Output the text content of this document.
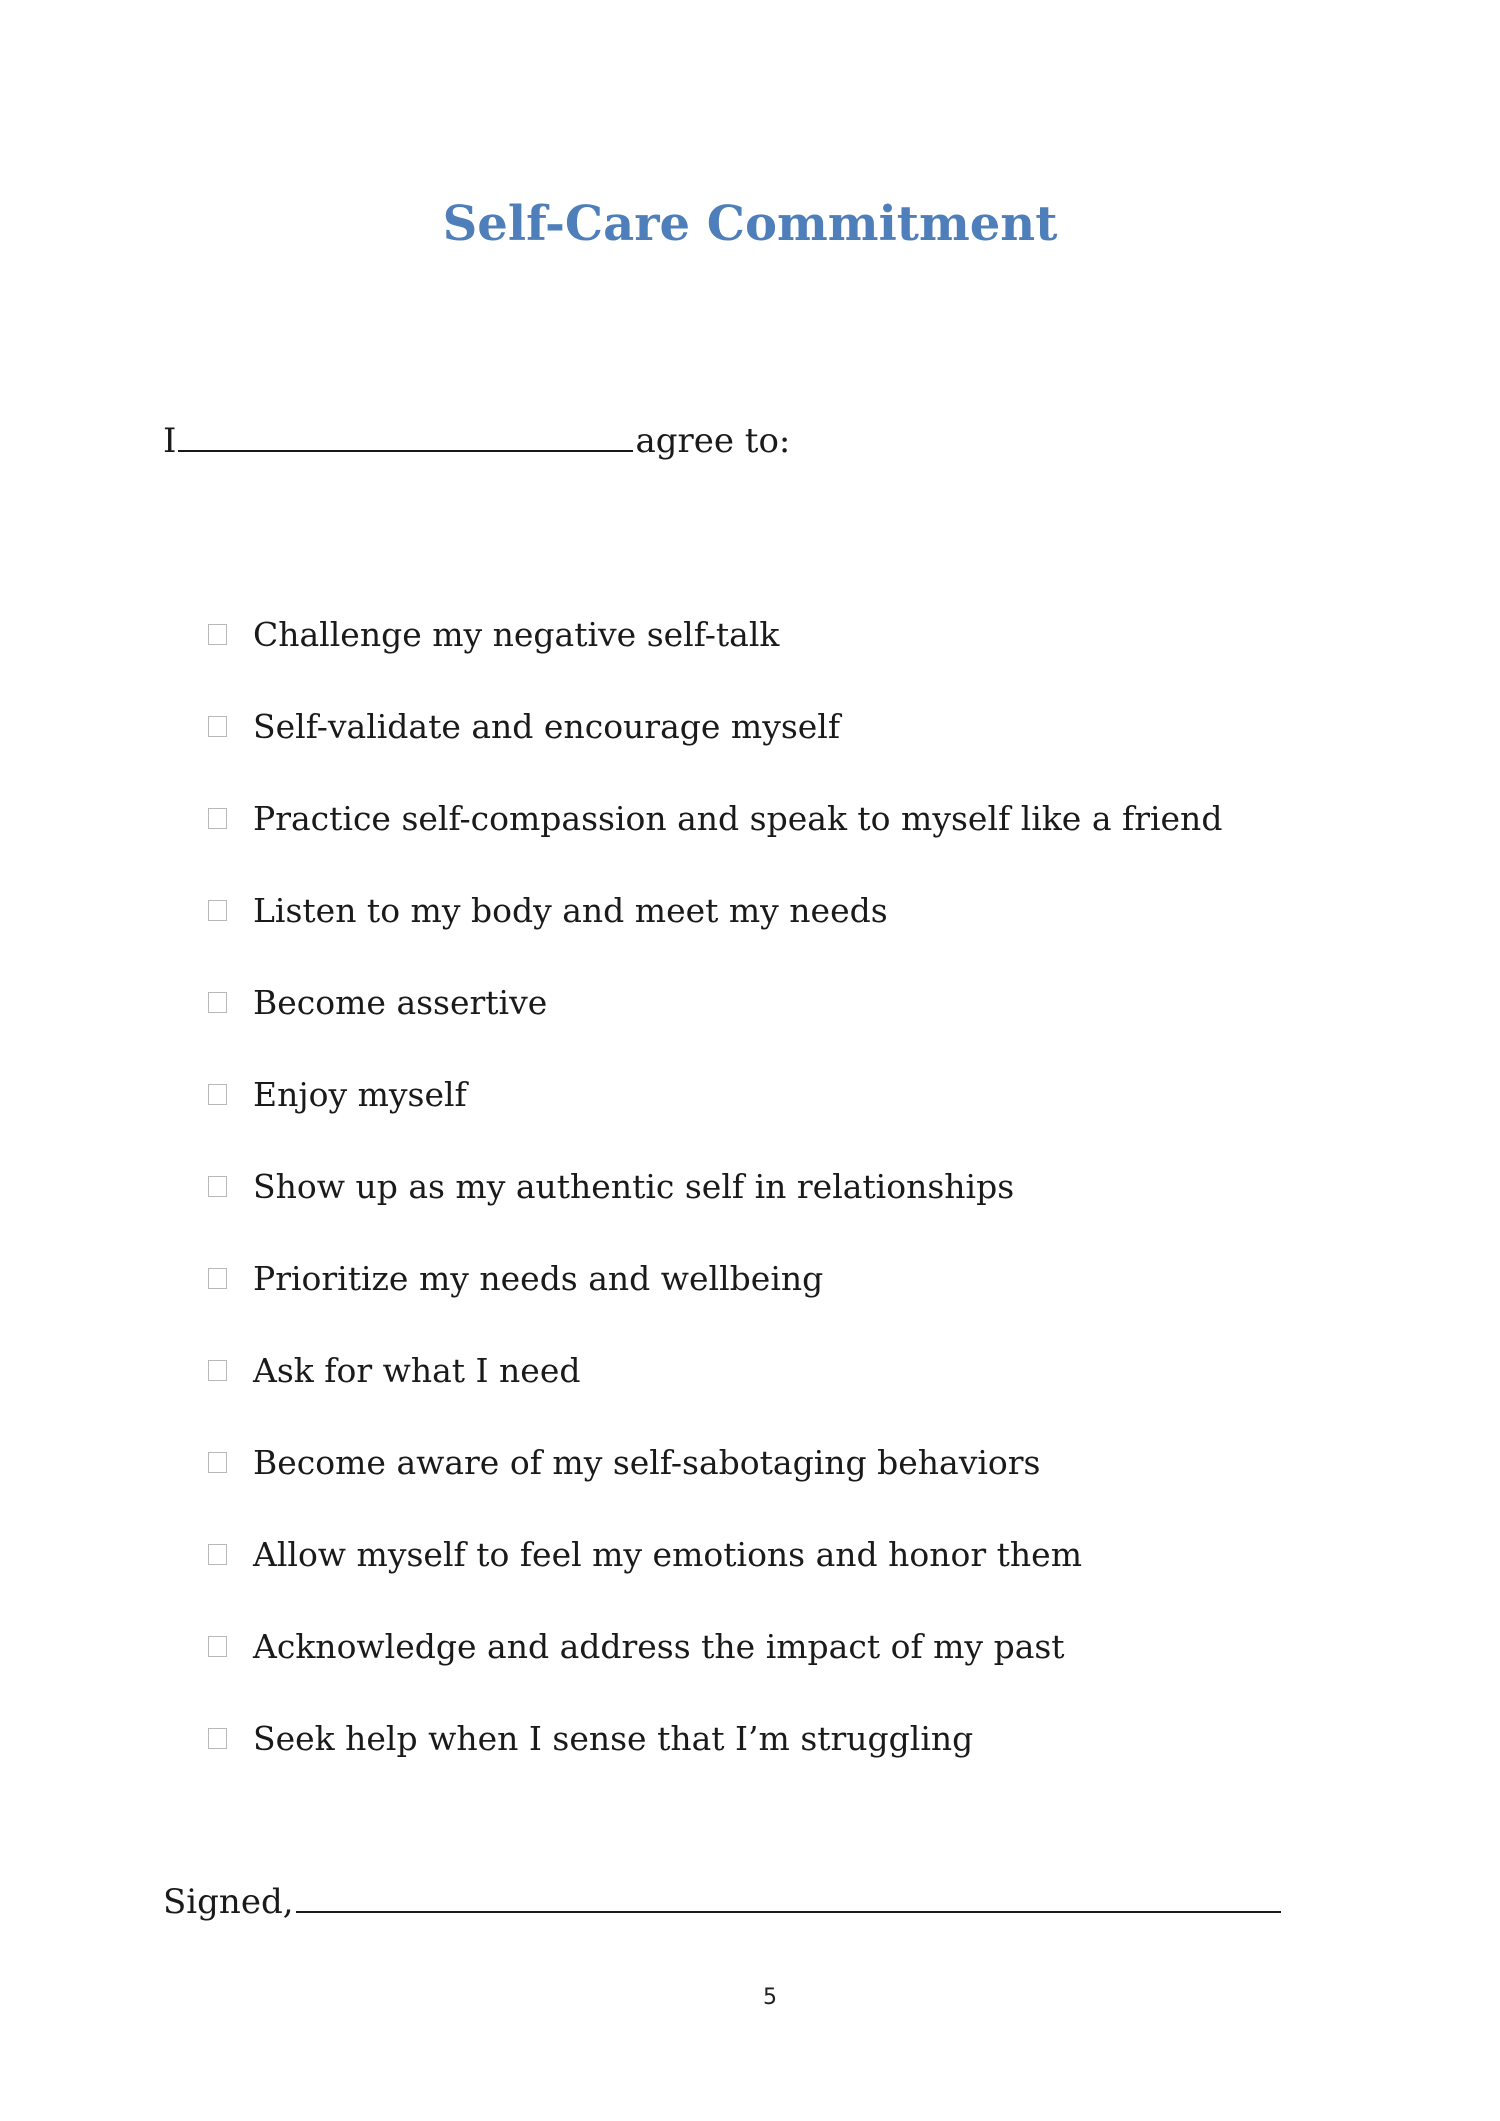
Self-Care Commitment
I	agree to:
Challenge my negative self-talk
Self-validate and encourage myself
Practice self-compassion and speak to myself like a friend
Listen to my body and meet my needs
Become assertive
Enjoy myself
Show up as my authentic self in relationships
Prioritize my needs and wellbeing
Ask for what I need
Become aware of my self-sabotaging behaviors
Allow myself to feel my emotions and honor them
Acknowledge and address the impact of my past
Seek help when I sense that I’m struggling
Signed,
5
